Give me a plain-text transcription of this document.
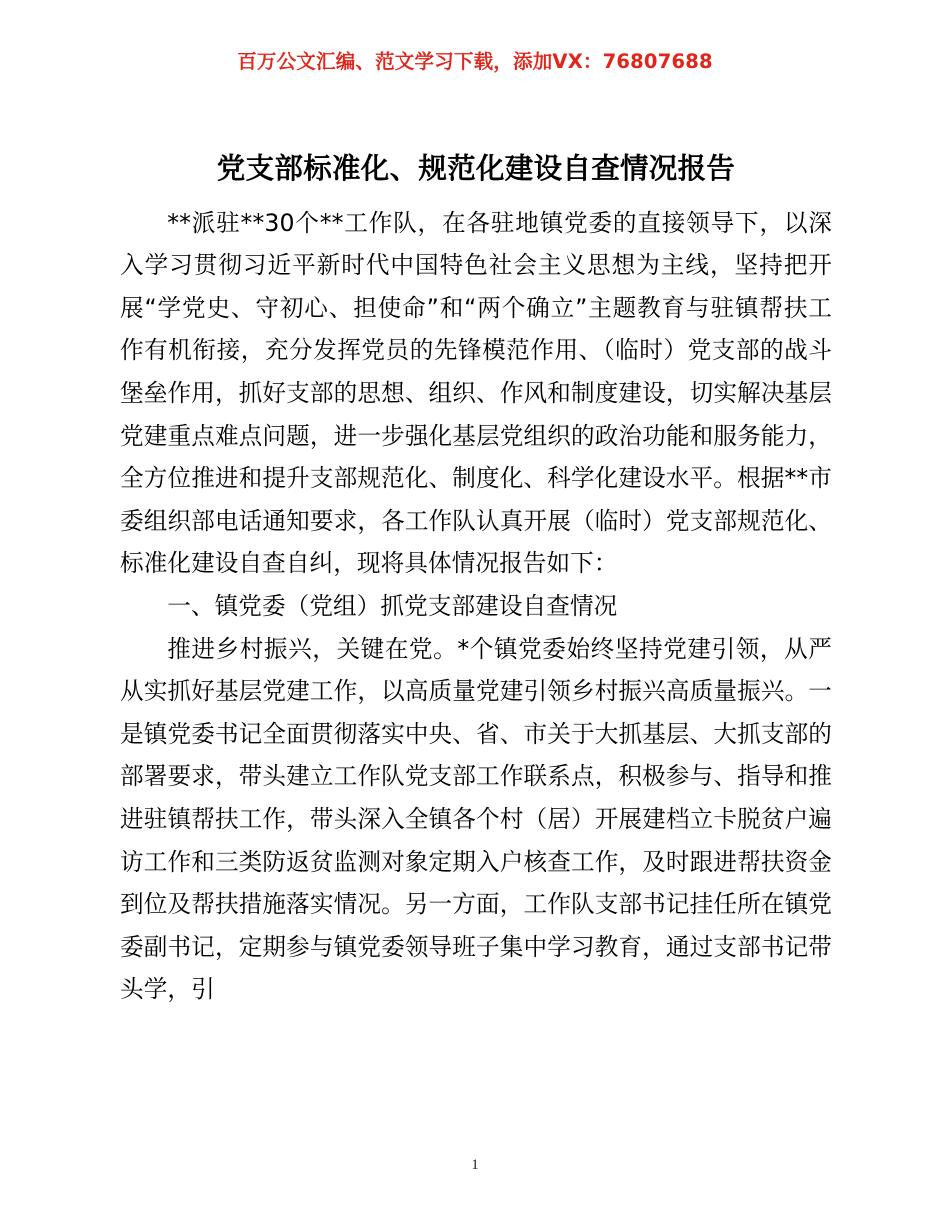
百万公文汇编、范文学习下载，添加VX：76807688
党支部标准化、规范化建设自查情况报告

**派驻**30个**工作队，在各驻地镇党委的直接领导下，以深入学习贯彻习近平新时代中国特色社会主义思想为主线，坚持把开展“学党史、守初心、担使命”和“两个确立”主题教育与驻镇帮扶工作有机衔接，充分发挥党员的先锋模范作用、（临时）党支部的战斗堡垒作用，抓好支部的思想、组织、作风和制度建设，切实解决基层党建重点难点问题，进一步强化基层党组织的政治功能和服务能力，全方位推进和提升支部规范化、制度化、科学化建设水平。根据**市委组织部电话通知要求，各工作队认真开展（临时）党支部规范化、标准化建设自查自纠，现将具体情况报告如下：

一、镇党委（党组）抓党支部建设自查情况

推进乡村振兴，关键在党。*个镇党委始终坚持党建引领，从严从实抓好基层党建工作，以高质量党建引领乡村振兴高质量振兴。一是镇党委书记全面贯彻落实中央、省、市关于大抓基层、大抓支部的部署要求，带头建立工作队党支部工作联系点，积极参与、指导和推进驻镇帮扶工作，带头深入全镇各个村（居）开展建档立卡脱贫户遍访工作和三类防返贫监测对象定期入户核查工作，及时跟进帮扶资金到位及帮扶措施落实情况。另一方面，工作队支部书记挂任所在镇党委副书记，定期参与镇党委领导班子集中学习教育，通过支部书记带头学，引

1
